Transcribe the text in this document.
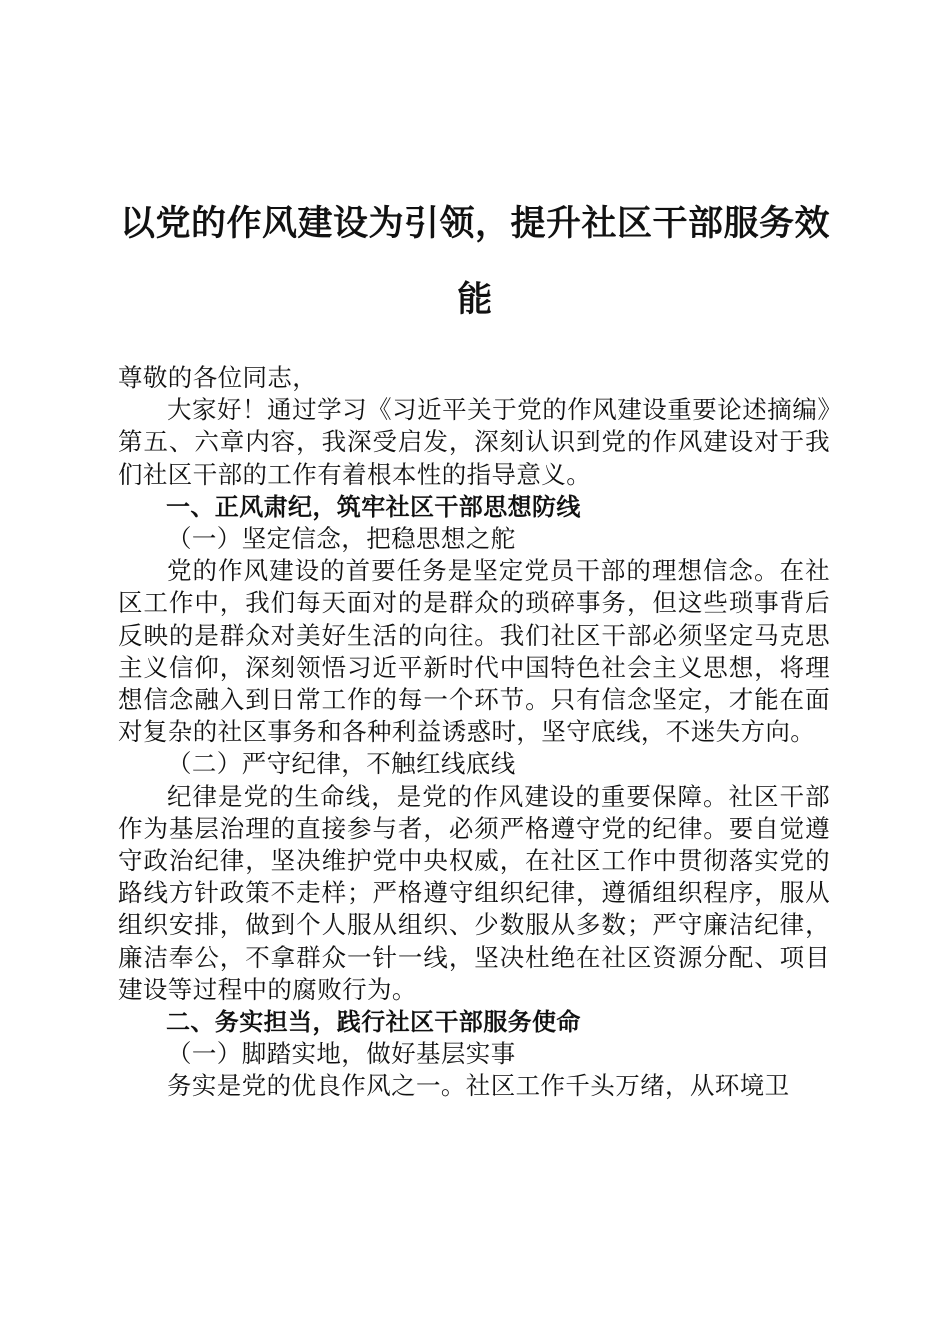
以党的作风建设为引领，提升社区干部服务效能

尊敬的各位同志，

大家好！通过学习《习近平关于党的作风建设重要论述摘编》第五、六章内容，我深受启发，深刻认识到党的作风建设对于我们社区干部的工作有着根本性的指导意义。

一、正风肃纪，筑牢社区干部思想防线

（一）坚定信念，把稳思想之舵

党的作风建设的首要任务是坚定党员干部的理想信念。在社区工作中，我们每天面对的是群众的琐碎事务，但这些琐事背后反映的是群众对美好生活的向往。我们社区干部必须坚定马克思主义信仰，深刻领悟习近平新时代中国特色社会主义思想，将理想信念融入到日常工作的每一个环节。只有信念坚定，才能在面对复杂的社区事务和各种利益诱惑时，坚守底线，不迷失方向。

（二）严守纪律，不触红线底线

纪律是党的生命线，是党的作风建设的重要保障。社区干部作为基层治理的直接参与者，必须严格遵守党的纪律。要自觉遵守政治纪律，坚决维护党中央权威，在社区工作中贯彻落实党的路线方针政策不走样；严格遵守组织纪律，遵循组织程序，服从组织安排，做到个人服从组织、少数服从多数；严守廉洁纪律，廉洁奉公，不拿群众一针一线，坚决杜绝在社区资源分配、项目建设等过程中的腐败行为。

二、务实担当，践行社区干部服务使命

（一）脚踏实地，做好基层实事

务实是党的优良作风之一。社区工作千头万绪，从环境卫
